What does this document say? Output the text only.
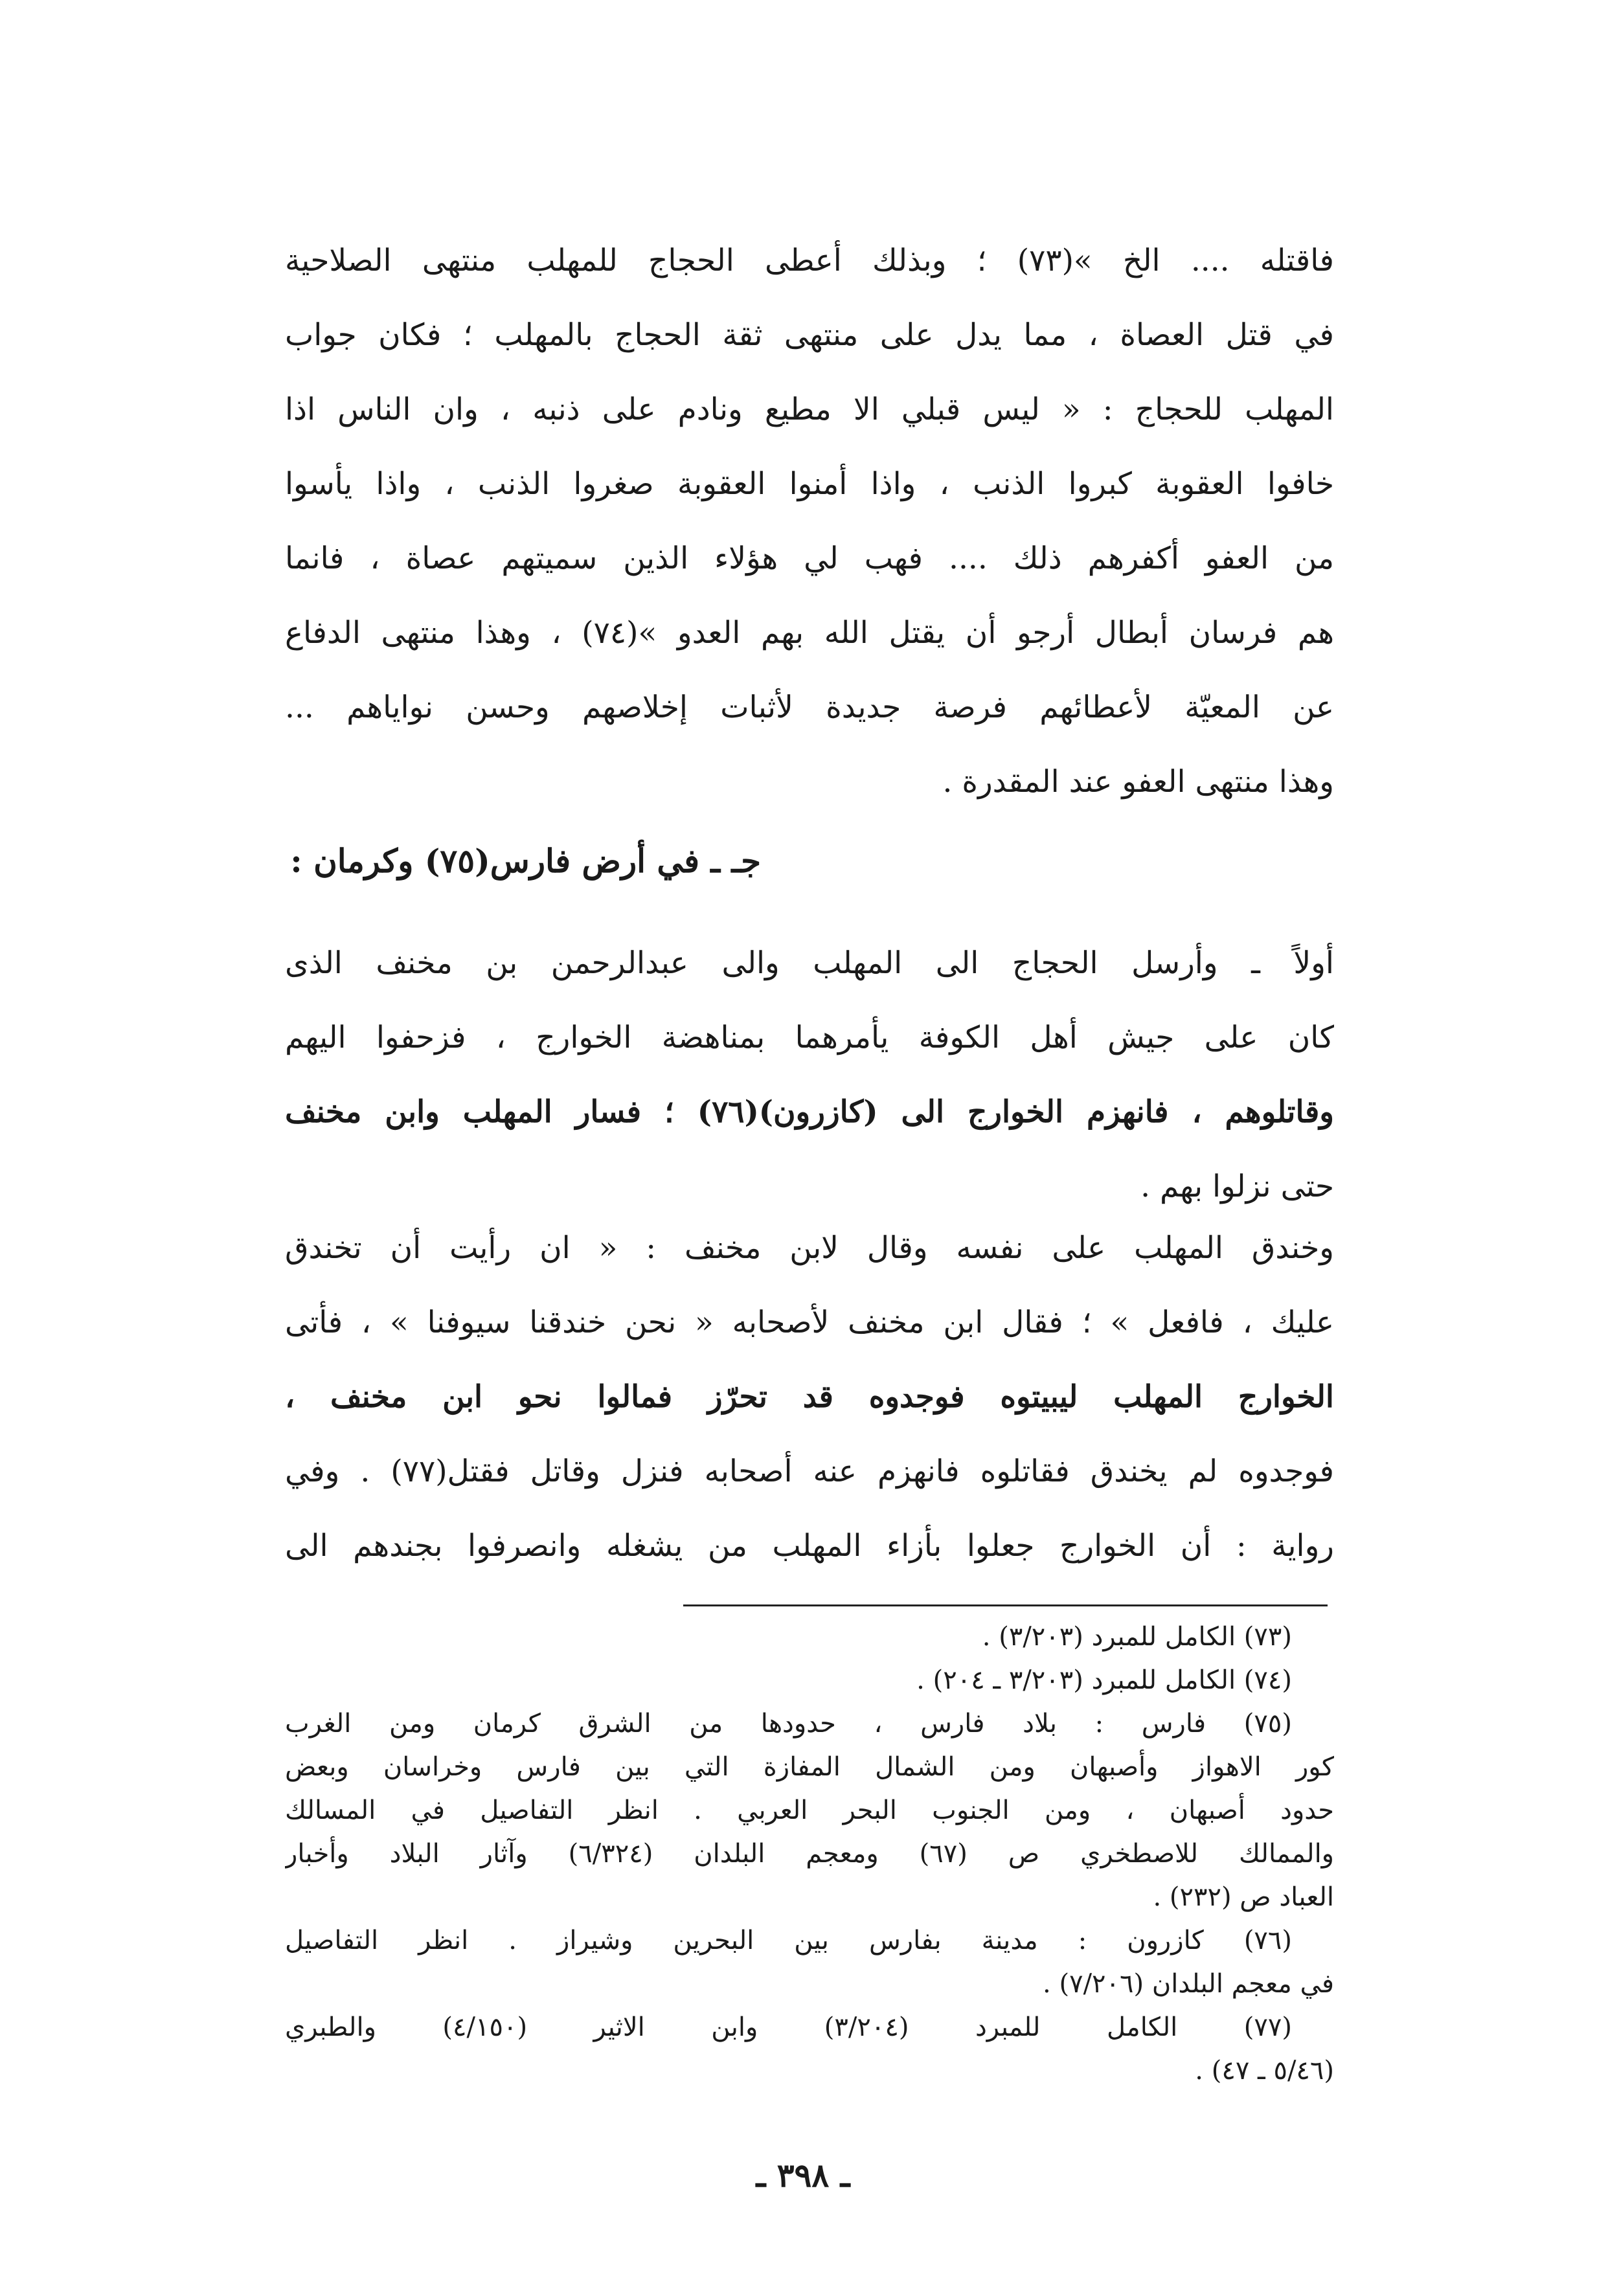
فاقتله .... الخ »(٧٣) ؛ وبذلك أعطى الحجاج للمهلب منتهى الصلاحية
في قتل العصاة ، مما يدل على منتهى ثقة الحجاج بالمهلب ؛ فكان جواب
المهلب للحجاج : « ليس قبلي الا مطيع ونادم على ذنبه ، وان الناس اذا
خافوا العقوبة كبروا الذنب ، واذا أمنوا العقوبة صغروا الذنب ، واذا يأسوا
من العفو أكفرهم ذلك .... فهب لي هؤلاء الذين سميتهم عصاة ، فانما
هم فرسان أبطال أرجو أن يقتل الله بهم العدو »(٧٤) ، وهذا منتهى الدفاع
عن المعيّة لأعطائهم فرصة جديدة لأثبات إخلاصهم وحسن نواياهم ...
وهذا منتهى العفو عند المقدرة .
جـ ـ في أرض فارس(٧٥) وكرمان :
أولاً ـ وأرسل الحجاج الى المهلب والى عبدالرحمن بن مخنف الذى
كان على جيش أهل الكوفة يأمرهما بمناهضة الخوارج ، فزحفوا اليهم
وقاتلوهم ، فانهزم الخوارج الى (كازرون)(٧٦) ؛ فسار المهلب وابن مخنف
حتى نزلوا بهم .
وخندق المهلب على نفسه وقال لابن مخنف : « ان رأيت أن تخندق
عليك ، فافعل » ؛ فقال ابن مخنف لأصحابه « نحن خندقنا سيوفنا » ، فأتى
الخوارج المهلب ليبيتوه فوجدوه قد تحرّز فمالوا نحو ابن مخنف ،
فوجدوه لم يخندق فقاتلوه فانهزم عنه أصحابه فنزل وقاتل فقتل(٧٧) . وفي
رواية : أن الخوارج جعلوا بأزاء المهلب من يشغله وانصرفوا بجندهم الى
(٧٣) الكامل للمبرد (٣/٢٠٣) .
(٧٤) الكامل للمبرد (٣/٢٠٣ ـ ٢٠٤) .
(٧٥) فارس : بلاد فارس ، حدودها من الشرق كرمان ومن الغرب
كور الاهواز وأصبهان ومن الشمال المفازة التي بين فارس وخراسان وبعض
حدود أصبهان ، ومن الجنوب البحر العربي . انظر التفاصيل في المسالك
والممالك للاصطخري ص (٦٧) ومعجم البلدان (٦/٣٢٤) وآثار البلاد وأخبار
العباد ص (٢٣٢) .
(٧٦) كازرون : مدينة بفارس بين البحرين وشيراز . انظر التفاصيل
في معجم البلدان (٧/٢٠٦) .
(٧٧) الكامل للمبرد (٣/٢٠٤) وابن الاثير (٤/١٥٠) والطبري
(٥/٤٦ ـ ٤٧) .
ـ ٣٩٨ ـ
